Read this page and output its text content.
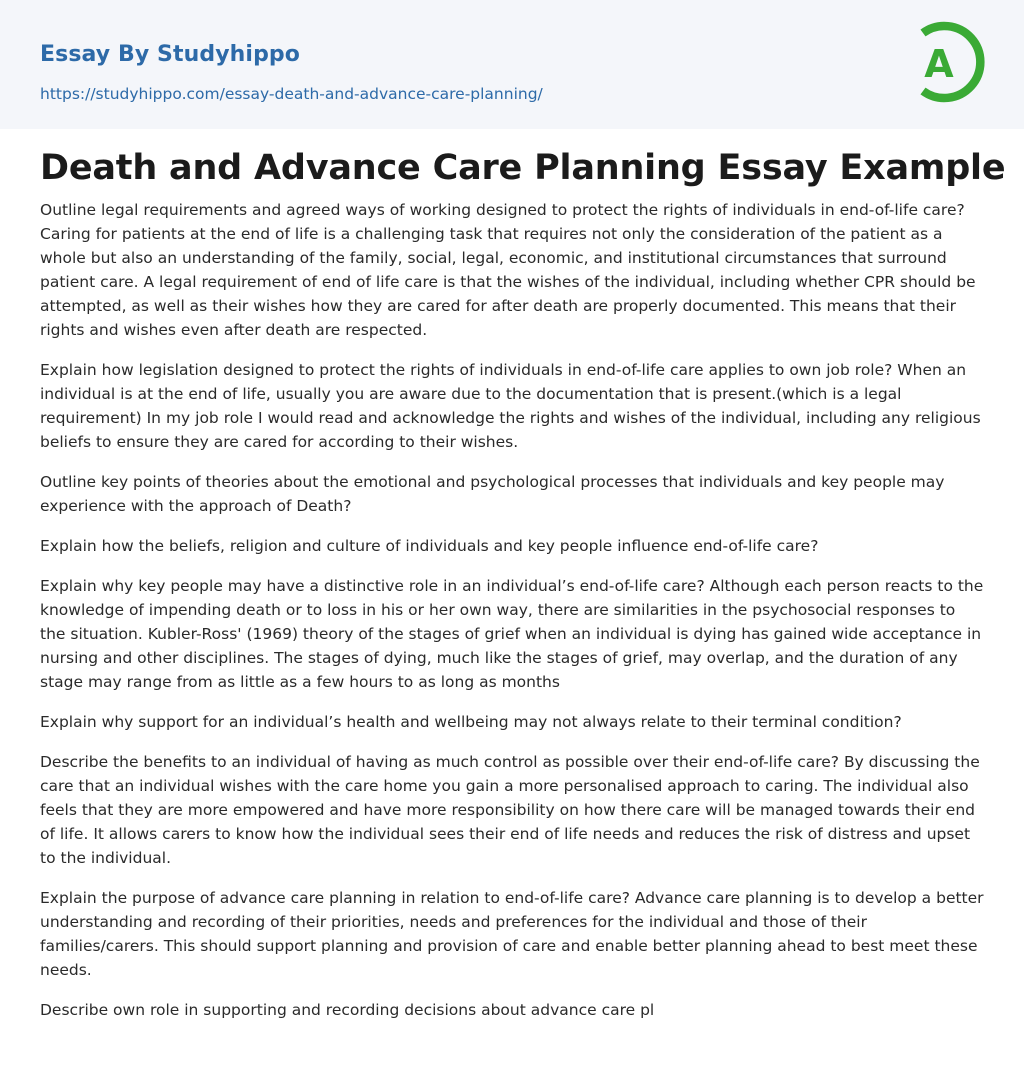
Essay By Studyhippo
https://studyhippo.com/essay-death-and-advance-care-planning/
A
Death and Advance Care Planning Essay Example

Outline legal requirements and agreed ways of working designed to protect the rights of individuals in end-of-life care? Caring for patients at the end of life is a challenging task that requires not only the consideration of the patient as a whole but also an understanding of the family, social, legal, economic, and institutional circumstances that surround patient care. A legal requirement of end of life care is that the wishes of the individual, including whether CPR should be attempted, as well as their wishes how they are cared for after death are properly documented. This means that their rights and wishes even after death are respected.

Explain how legislation designed to protect the rights of individuals in end-of-life care applies to own job role? When an individual is at the end of life, usually you are aware due to the documentation that is present.(which is a legal requirement) In my job role I would read and acknowledge the rights and wishes of the individual, including any religious beliefs to ensure they are cared for according to their wishes.

Outline key points of theories about the emotional and psychological processes that individuals and key people may experience with the approach of Death?

Explain how the beliefs, religion and culture of individuals and key people influence end-of-life care?

Explain why key people may have a distinctive role in an individual’s end-of-life care? Although each person reacts to the knowledge of impending death or to loss in his or her own way, there are similarities in the psychosocial responses to the situation. Kubler-Ross' (1969) theory of the stages of grief when an individual is dying has gained wide acceptance in nursing and other disciplines. The stages of dying, much like the stages of grief, may overlap, and the duration of any stage may range from as little as a few hours to as long as months

Explain why support for an individual’s health and wellbeing may not always relate to their terminal condition?

Describe the benefits to an individual of having as much control as possible over their end-of-life care? By discussing the care that an individual wishes with the care home you gain a more personalised approach to caring. The individual also feels that they are more empowered and have more responsibility on how there care will be managed towards their end of life. It allows carers to know how the individual sees their end of life needs and reduces the risk of distress and upset to the individual.

Explain the purpose of advance care planning in relation to end-of-life care? Advance care planning is to develop a better understanding and recording of their priorities, needs and preferences for the individual and those of their families/carers. This should support planning and provision of care and enable better planning ahead to best meet these needs.

Describe own role in supporting and recording decisions about advance care pl
